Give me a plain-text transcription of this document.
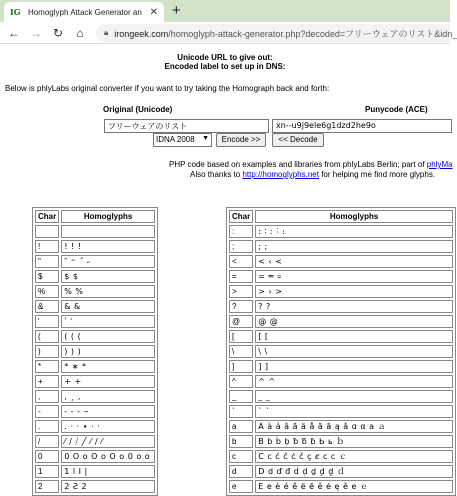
IG Homoglyph Attack Generator an ✕ +
← → ↻	⌂	🔒︎ irongeek.com/homoglyph-attack-generator.php?decoded=フリーウェアのリスト&idn_
Unicode URL to give out:
Encoded label to set up in DNS:
Below is phlyLabs original converter if you want to try taking the Homograph back and forth:
Original (Unicode)	Punycode (ACE)
フリーウェアのリスト	xn--u9j9ele6g1dzd2he9o
IDNA 2008 ▼	Encode >>	<< Decode
PHP code based on examples and libraries from phlyLabs Berlin; part of phlyMa
Also thanks to http://homoglyphs.net for helping me find more glyphs.
Char	Homoglyphs

!	! ! !
"	″ ״ ˝ ˶
$	$ $
%	% %
&	& &
'	ʹ ˈ
(	( ( (
)	) ) )
*	* ∗ *
+	+ +
,	‚ ¸ ,
-	- ‐ ‑ ‒
.	․ · ‧ ∙ ⋅ ·
/	⁄ ∕ ⧸ ╱ ⁄ ∕ ⁄
0	0 O o O o O o 0 o ο
1	1 l I |
2	2 Ƨ 2
Char	Homoglyphs
:	꞉ ∶ ː ˸ ։
;	; ;
<	< ‹ <
=	= ═ ꓿
>	> › >
?	? ?
@	@ @
[	[ [
\	\ \
]	] ]
^	^ ^
_	_ _
`	ˋ `
a	A à á â ã ä å ā ă ą ǎ ɑ α а ａ
b	B b ḃ ḅ ƀ ƃ ɓ Ь ь ｂ
c	C c ć ĉ ċ č ç ȼ ϲ с ｃ
d	D d ď đ ḋ ḍ ḏ ḑ ḓ ｄ
e	E e è é ê ë ē ĕ ė ę ě е ｅ
